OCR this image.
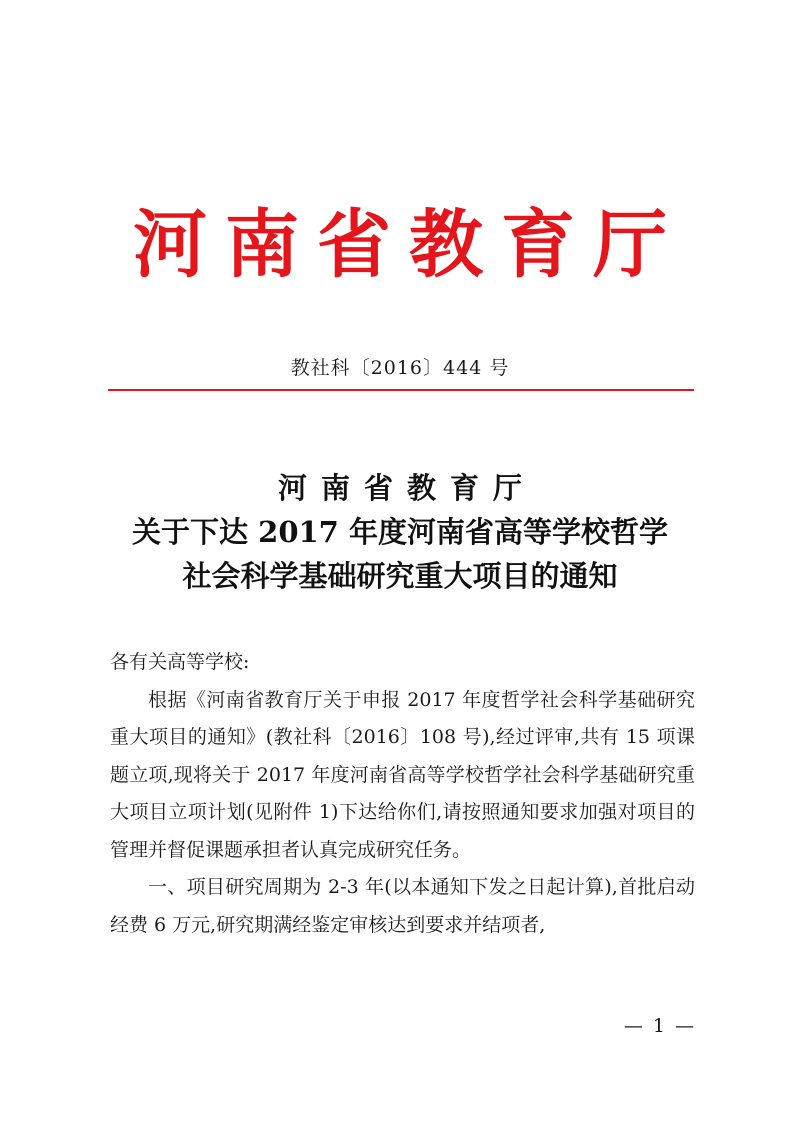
河南省教育厅
教社科〔2016〕444 号
河南省教育厅
关于下达 2017 年度河南省高等学校哲学
社会科学基础研究重大项目的通知

各有关高等学校:

根据《河南省教育厅关于申报 2017 年度哲学社会科学基础研究重大项目的通知》(教社科〔2016〕108 号),经过评审,共有 15 项课题立项,现将关于 2017 年度河南省高等学校哲学社会科学基础研究重大项目立项计划(见附件 1)下达给你们,请按照通知要求加强对项目的管理并督促课题承担者认真完成研究任务。

一、项目研究周期为 2-3 年(以本通知下发之日起计算),首批启动经费 6 万元,研究期满经鉴定审核达到要求并结项者,

— 1 —
